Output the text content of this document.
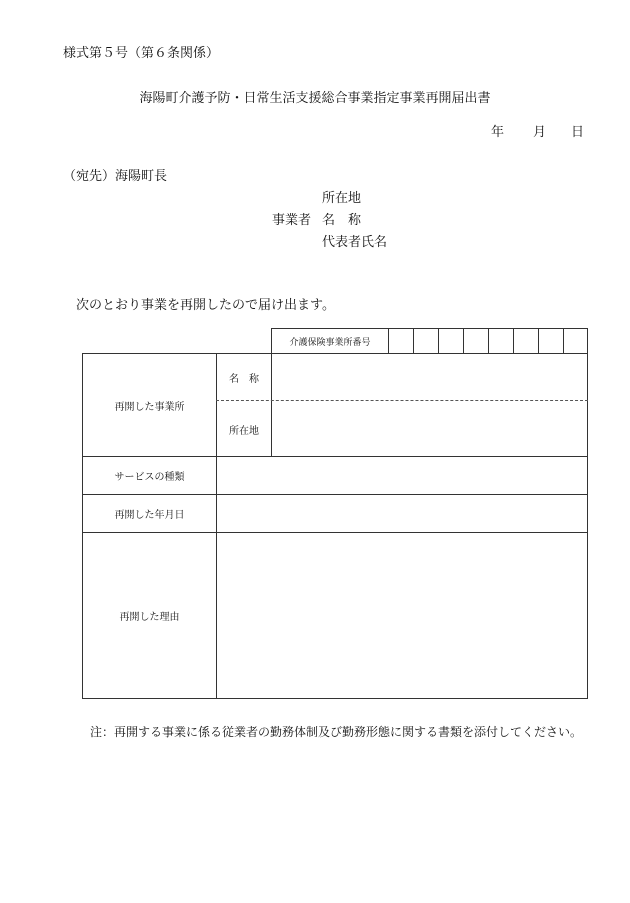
様式第５号（第６条関係）
海陽町介護予防・日常生活支援総合事業指定事業再開届出書
年 月 日
（宛先）海陽町長
所在地
事業者 名　称
代表者氏名
次のとおり事業を再開したので届け出ます。
介護保険事業所番号
再開した事業所
名　称
所在地
サービスの種類
再開した年月日
再開した理由
注：再開する事業に係る従業者の勤務体制及び勤務形態に関する書類を添付してください。
